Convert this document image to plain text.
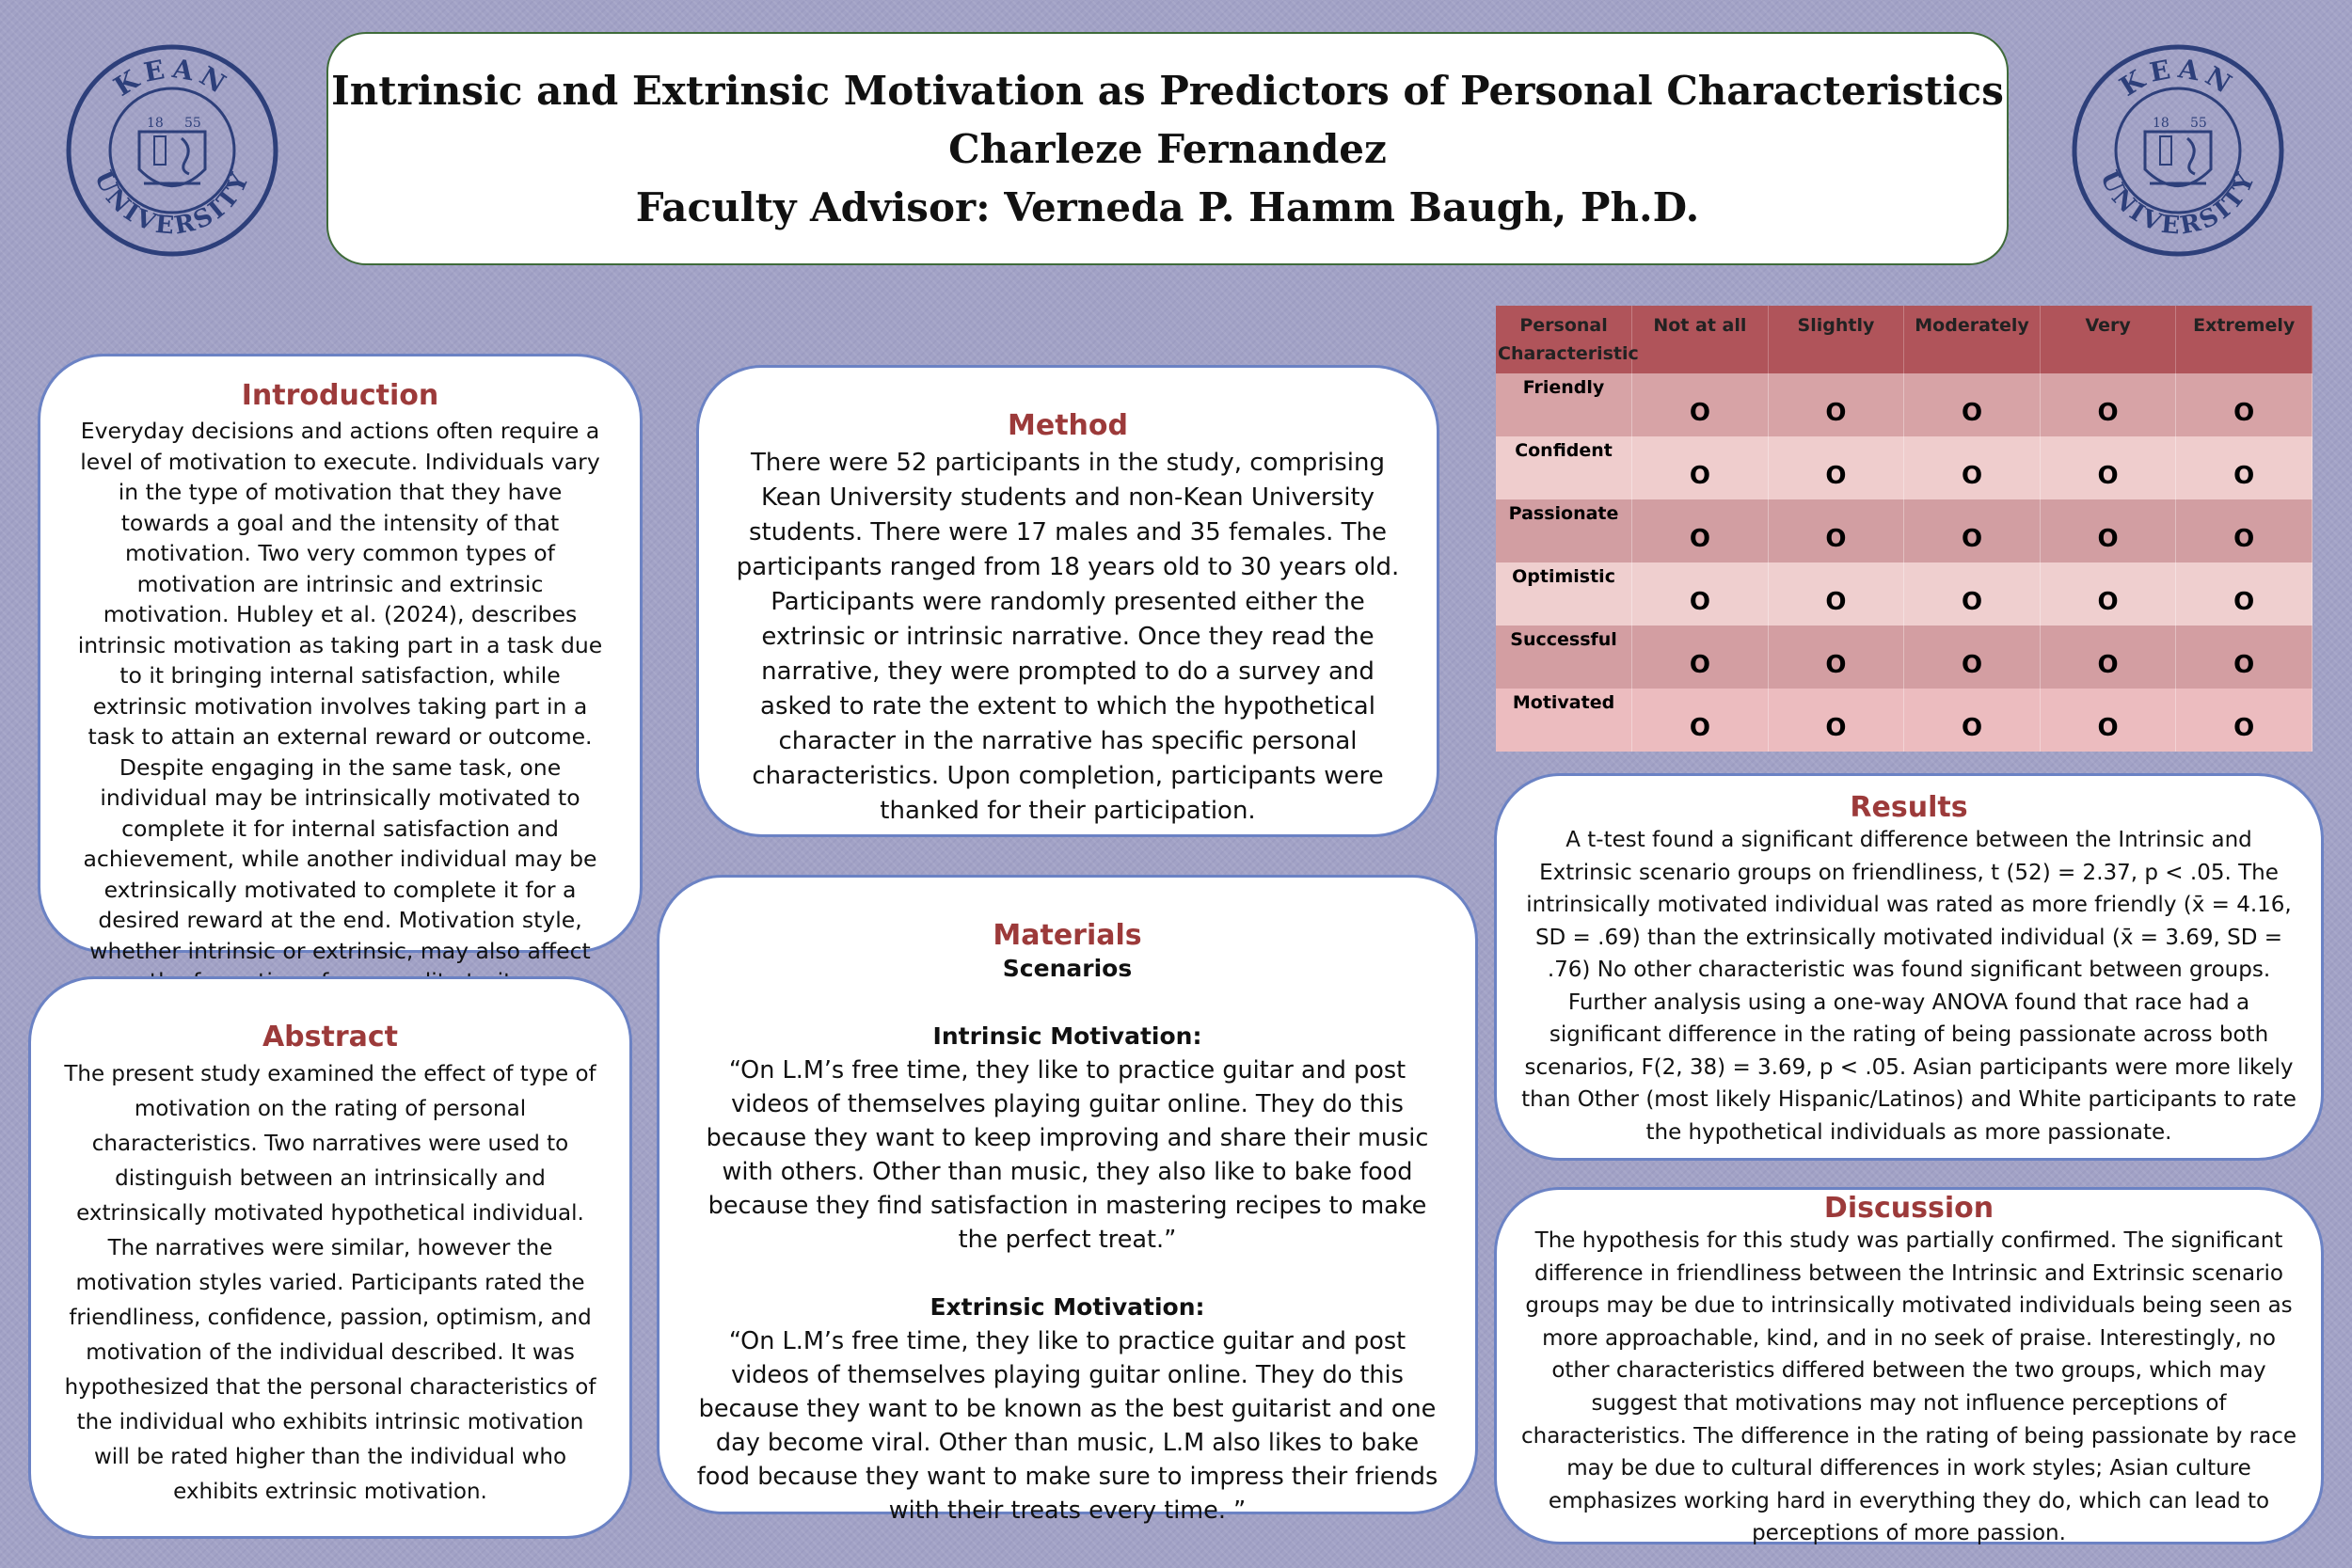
KEAN
UNIVERSITY
18 55
KEAN
UNIVERSITY
18 55
Intrinsic and Extrinsic Motivation as Predictors of Personal Characteristics
Charleze Fernandez
Faculty Advisor: Verneda P. Hamm Baugh, Ph.D.
Introduction

Everyday decisions and actions often require a level of motivation to execute. Individuals vary in the type of motivation that they have towards a goal and the intensity of that motivation. Two very common types of motivation are intrinsic and extrinsic motivation. Hubley et al. (2024), describes intrinsic motivation as taking part in a task due to it bringing internal satisfaction, while extrinsic motivation involves taking part in a task to attain an external reward or outcome. Despite engaging in the same task, one individual may be intrinsically motivated to complete it for internal satisfaction and achievement, while another individual may be extrinsically motivated to complete it for a desired reward at the end. Motivation style, whether intrinsic or extrinsic, may also affect

Abstract

The present study examined the effect of type of motivation on the rating of personal characteristics. Two narratives were used to distinguish between an intrinsically and extrinsically motivated hypothetical individual. The narratives were similar, however the motivation styles varied. Participants rated the friendliness, confidence, passion, optimism, and motivation of the individual described. It was hypothesized that the personal characteristics of the individual who exhibits intrinsic motivation will be rated higher than the individual who exhibits extrinsic motivation.

Method

There were 52 participants in the study, comprising Kean University students and non-Kean University students. There were 17 males and 35 females. The participants ranged from 18 years old to 30 years old. Participants were randomly presented either the extrinsic or intrinsic narrative. Once they read the narrative, they were prompted to do a survey and asked to rate the extent to which the hypothetical character in the narrative has specific personal characteristics. Upon completion, participants were thanked for their participation.

Materials
Scenarios
Intrinsic Motivation:

“On L.M’s free time, they like to practice guitar and post videos of themselves playing guitar online. They do this because they want to keep improving and share their music with others. Other than music, they also like to bake food because they find satisfaction in mastering recipes to make the perfect treat.”

Extrinsic Motivation:

“On L.M’s free time, they like to practice guitar and post videos of themselves playing guitar online. They do this because they want to be known as the best guitarist and one day become viral. Other than music, L.M also likes to bake food because they want to make sure to impress their friends with their treats every time. ”

Personal
Characteristic	Not at all	Slightly	Moderately	Very	Extremely
Friendly	O	O	O	O	O
Confident	O	O	O	O	O
Passionate	O	O	O	O	O
Optimistic	O	O	O	O	O
Successful	O	O	O	O	O
Motivated	O	O	O	O	O
Results

A t-test found a significant difference between the Intrinsic and Extrinsic scenario groups on friendliness, t (52) = 2.37, p < .05. The intrinsically motivated individual was rated as more friendly (x̄ = 4.16, SD = .69) than the extrinsically motivated individual (x̄ = 3.69, SD = .76) No other characteristic was found significant between groups. Further analysis using a one-way ANOVA found that race had a significant difference in the rating of being passionate across both scenarios, F(2, 38) = 3.69, p < .05. Asian participants were more likely than Other (most likely Hispanic/Latinos) and White participants to rate the hypothetical individuals as more passionate.

Discussion

The hypothesis for this study was partially confirmed. The significant difference in friendliness between the Intrinsic and Extrinsic scenario groups may be due to intrinsically motivated individuals being seen as more approachable, kind, and in no seek of praise. Interestingly, no other characteristics differed between the two groups, which may suggest that motivations may not influence perceptions of characteristics. The difference in the rating of being passionate by race may be due to cultural differences in work styles; Asian culture emphasizes working hard in everything they do, which can lead to perceptions of more passion.
